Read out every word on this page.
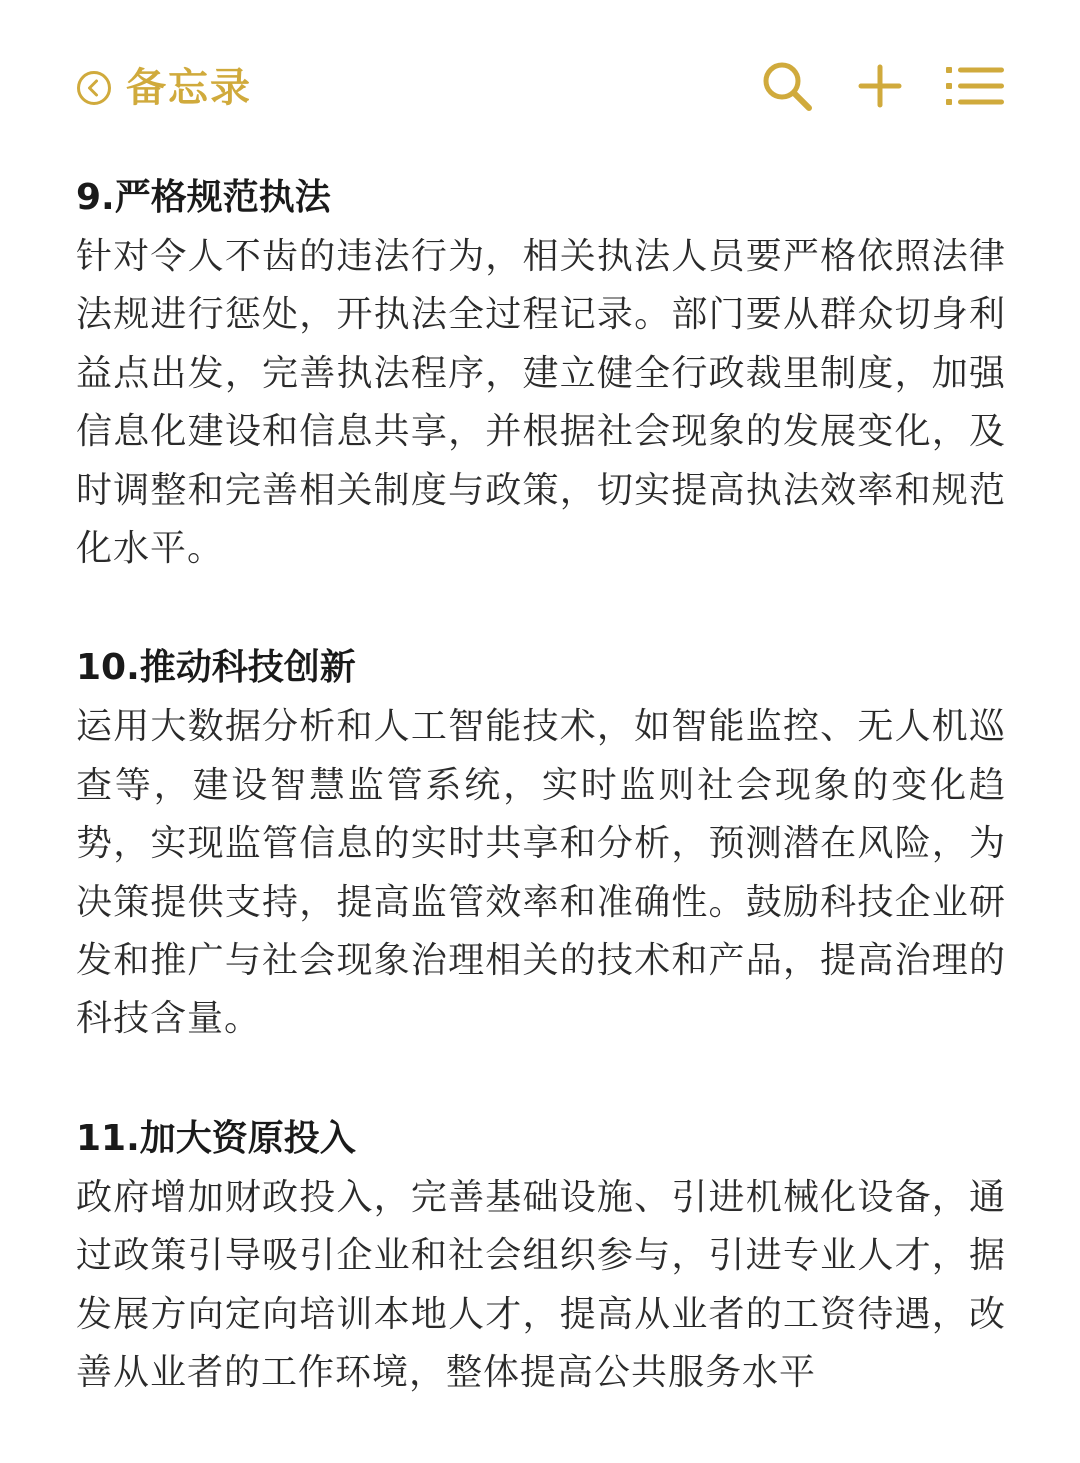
备忘录
9.严格规范执法

针对令人不齿的违法行为，相关执法人员要严格依照法律法规进行惩处，开执法全过程记录。部门要从群众切身利益点出发，完善执法程序，建立健全行政裁里制度，加强信息化建设和信息共享，并根据社会现象的发展变化，及时调整和完善相关制度与政策，切实提高执法效率和规范化水平。

10.推动科技创新

运用大数据分析和人工智能技术，如智能监控、无人机巡查等，建设智慧监管系统，实时监则社会现象的变化趋势，实现监管信息的实时共享和分析，预测潜在风险，为决策提供支持，提高监管效率和准确性。鼓励科技企业研发和推广与社会现象治理相关的技术和产品，提高治理的科技含量。

11.加大资原投入

政府增加财政投入，完善基础设施、引进机械化设备，通过政策引导吸引企业和社会组织参与，引进专业人才，据发展方向定向培训本地人才，提高从业者的工资待遇，改善从业者的工作环境，整体提高公共服务水平
